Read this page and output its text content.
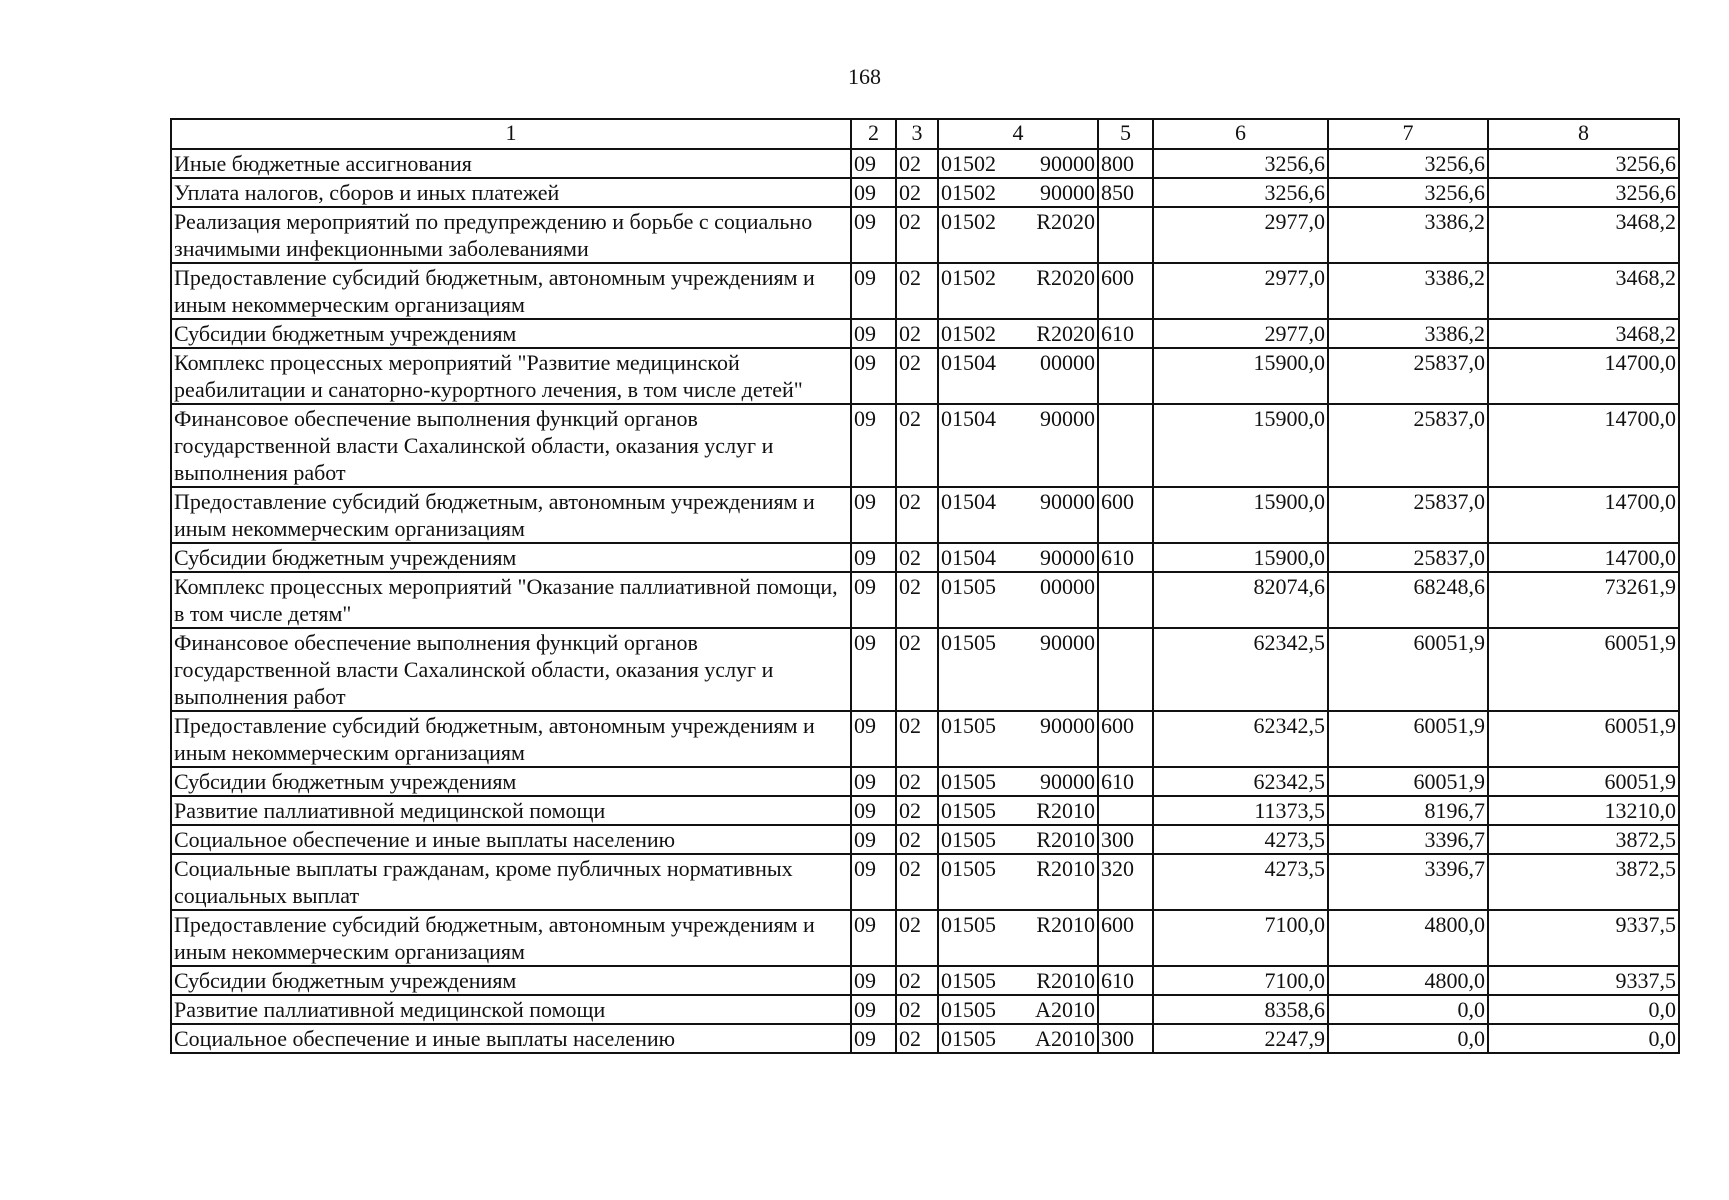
168
1	2	3	4	5	6	7	8
Иные бюджетные ассигнования	09	02	01502 90000	800	3256,6	3256,6	3256,6
Уплата налогов, сборов и иных платежей	09	02	01502 90000	850	3256,6	3256,6	3256,6
Реализация мероприятий по предупреждению и борьбе с социально значимыми инфекционными заболеваниями	09	02	01502 R2020		2977,0	3386,2	3468,2
Предоставление субсидий бюджетным, автономным учреждениям и иным некоммерческим организациям	09	02	01502 R2020	600	2977,0	3386,2	3468,2
Субсидии бюджетным учреждениям	09	02	01502 R2020	610	2977,0	3386,2	3468,2
Комплекс процессных мероприятий "Развитие медицинской реабилитации и санаторно-курортного лечения, в том числе детей"	09	02	01504 00000		15900,0	25837,0	14700,0
Финансовое обеспечение выполнения функций органов государственной власти Сахалинской области, оказания услуг и выполнения работ	09	02	01504 90000		15900,0	25837,0	14700,0
Предоставление субсидий бюджетным, автономным учреждениям и иным некоммерческим организациям	09	02	01504 90000	600	15900,0	25837,0	14700,0
Субсидии бюджетным учреждениям	09	02	01504 90000	610	15900,0	25837,0	14700,0
Комплекс процессных мероприятий "Оказание паллиативной помощи, в том числе детям"	09	02	01505 00000		82074,6	68248,6	73261,9
Финансовое обеспечение выполнения функций органов государственной власти Сахалинской области, оказания услуг и выполнения работ	09	02	01505 90000		62342,5	60051,9	60051,9
Предоставление субсидий бюджетным, автономным учреждениям и иным некоммерческим организациям	09	02	01505 90000	600	62342,5	60051,9	60051,9
Субсидии бюджетным учреждениям	09	02	01505 90000	610	62342,5	60051,9	60051,9
Развитие паллиативной медицинской помощи	09	02	01505 R2010		11373,5	8196,7	13210,0
Социальное обеспечение и иные выплаты населению	09	02	01505 R2010	300	4273,5	3396,7	3872,5
Социальные выплаты гражданам, кроме публичных нормативных социальных выплат	09	02	01505 R2010	320	4273,5	3396,7	3872,5
Предоставление субсидий бюджетным, автономным учреждениям и иным некоммерческим организациям	09	02	01505 R2010	600	7100,0	4800,0	9337,5
Субсидии бюджетным учреждениям	09	02	01505 R2010	610	7100,0	4800,0	9337,5
Развитие паллиативной медицинской помощи	09	02	01505 A2010		8358,6	0,0	0,0
Социальное обеспечение и иные выплаты населению	09	02	01505 A2010	300	2247,9	0,0	0,0
